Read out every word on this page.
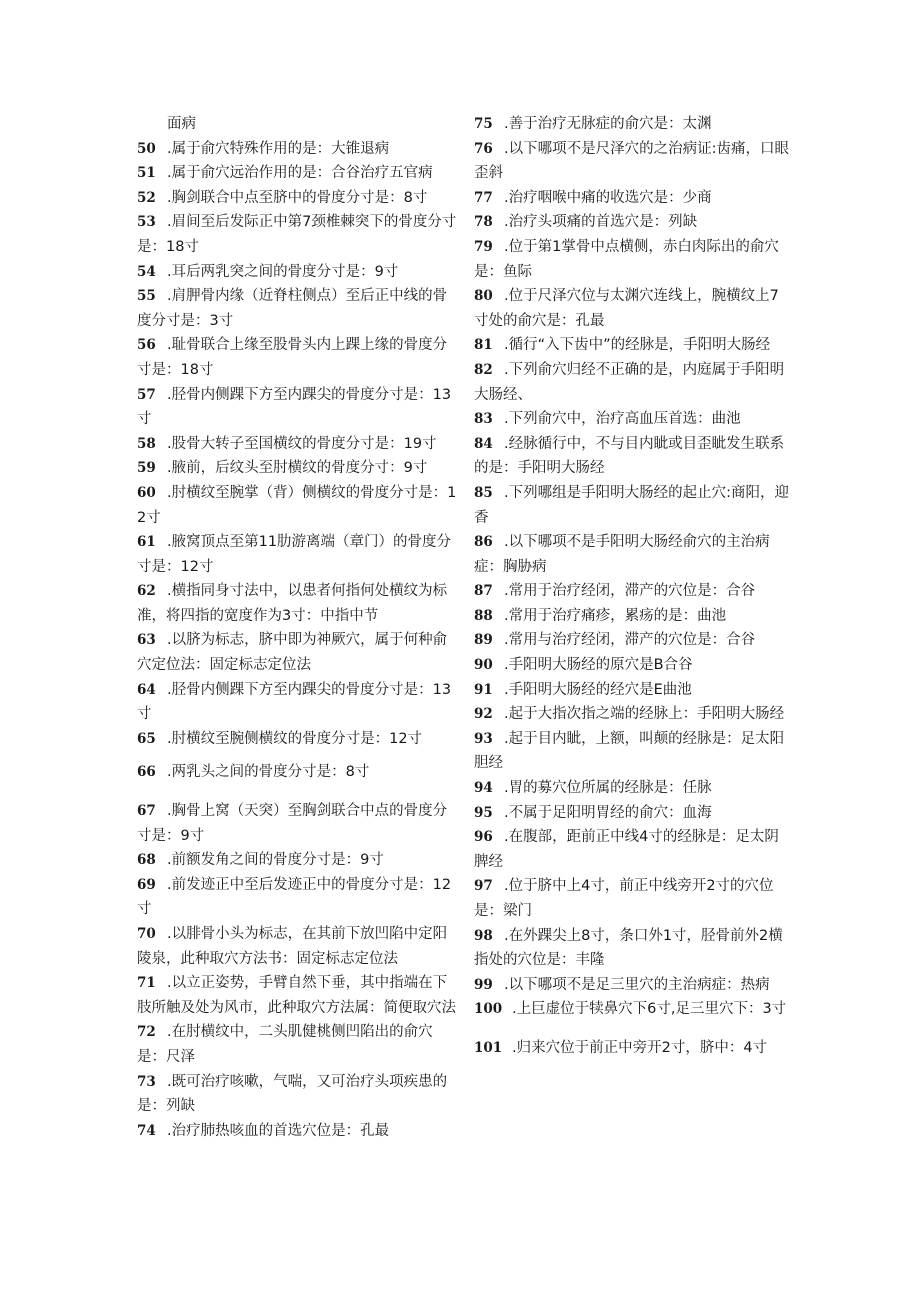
面病

50 .属于俞穴特殊作用的是：大锥退病

51 .属于俞穴远治作用的是：合谷治疗五官病

52 .胸剑联合中点至脐中的骨度分寸是：8寸

53 .眉间至后发际正中第7颈椎棘突下的骨度分寸是：18寸

54 .耳后两乳突之间的骨度分寸是：9寸

55 .肩胛骨内缘（近脊柱侧点）至后正中线的骨度分寸是：3寸

56 .耻骨联合上缘至股骨头内上踝上缘的骨度分寸是：18寸

57 .胫骨内侧踝下方至内踝尖的骨度分寸是：13寸

58 .股骨大转子至国横纹的骨度分寸是：19寸

59 .腋前，后纹头至肘横纹的骨度分寸：9寸

60 .肘横纹至腕掌（背）侧横纹的骨度分寸是：12寸

61 .腋窝顶点至第11肋游离端（章门）的骨度分寸是：12寸

62 .横指同身寸法中，以患者何指何处横纹为标准，将四指的宽度作为3寸：中指中节

63 .以脐为标志，脐中即为神厥穴，属于何种俞穴定位法：固定标志定位法

64 .胫骨内侧踝下方至内踝尖的骨度分寸是：13寸

65 .肘横纹至腕侧横纹的骨度分寸是：12寸

66 .两乳头之间的骨度分寸是：8寸

67 .胸骨上窝（天突）至胸剑联合中点的骨度分寸是：9寸

68 .前额发角之间的骨度分寸是：9寸

69 .前发迹正中至后发迹正中的骨度分寸是：12寸

70 .以腓骨小头为标志，在其前下放凹陷中定阳陵泉，此种取穴方法书：固定标志定位法

71 .以立正姿势，手臂自然下垂，其中指端在下肢所触及处为风市，此种取穴方法属：简便取穴法

72 .在肘横纹中，二头肌健桃侧凹陷出的俞穴是：尺泽

73 .既可治疗咳嗽，气喘，又可治疗头项疾患的是：列缺

74 .治疗肺热咳血的首选穴位是：孔最

75 .善于治疗无脉症的俞穴是：太渊

76 .以下哪项不是尺泽穴的之治病证:齿痛，口眼歪斜

77 .治疗咽喉中痛的收选穴是：少商

78 .治疗头项痛的首选穴是：列缺

79 .位于第1掌骨中点横侧，赤白肉际出的俞穴是：鱼际

80 .位于尺泽穴位与太渊穴连线上，腕横纹上7寸处的俞穴是：孔最

81 .循行“入下齿中”的经脉是，手阳明大肠经

82 .下列俞穴归经不正确的是，内庭属于手阳明大肠经、

83 .下列俞穴中，治疗高血压首选：曲池

84 .经脉循行中，不与目内眦或目歪眦发生联系的是：手阳明大肠经

85 .下列哪组是手阳明大肠经的起止穴:商阳，迎香

86 .以下哪项不是手阳明大肠经俞穴的主治病症：胸胁病

87 .常用于治疗经闭，滞产的穴位是：合谷

88 .常用于治疗痛疹，累疡的是：曲池

89 .常用与治疗经闭，滞产的穴位是：合谷

90 .手阳明大肠经的原穴是B合谷

91 .手阳明大肠经的经穴是E曲池

92 .起于大指次指之端的经脉上：手阳明大肠经

93 .起于目内眦，上额，叫颠的经脉是：足太阳胆经

94 .胃的募穴位所属的经脉是：任脉

95 .不属于足阳明胃经的俞穴：血海

96 .在腹部，距前正中线4寸的经脉是：足太阴脾经

97 .位于脐中上4寸，前正中线旁开2寸的穴位是：梁门

98 .在外踝尖上8寸，条口外1寸，胫骨前外2横指处的穴位是：丰隆

99 .以下哪项不是足三里穴的主治病症：热病

100 .上巨虚位于犊鼻穴下6寸,足三里穴下：3寸

101 .归来穴位于前正中旁开2寸，脐中：4寸
